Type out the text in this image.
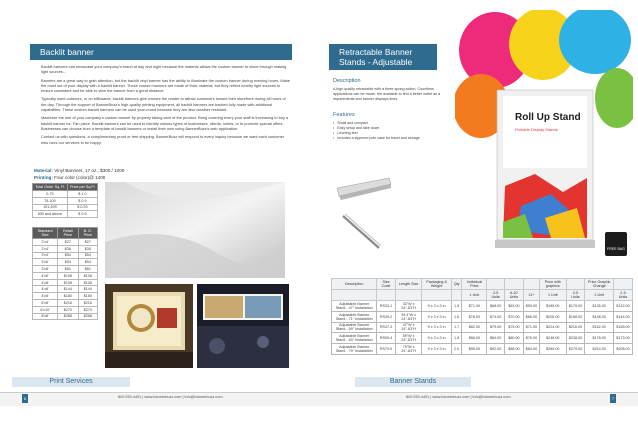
Backlit banner

Backlit banners can showcase your company's brand at day and night because the material allows the custom banner to shine through making light sources...

Banners are a great way to grab attention, but the backlit vinyl banner has the ability to illuminate the custom banner during evening hours. Make the most out of your display with a backlit banner. These custom banners are made of thick material, but they reflect nearby light sources to ensure consistent and be able to view the banner from a great distance.

Typically used outdoors, or on billboards, backlit banners give owners the reader to attract customers toward their storefront during all hours of the day. Through the support of BannerBuzz's high-quality printing equipment, all backlit banners are backed fully made with additional capabilities. These custom backlit banners can be used year-round because they are also weather resistant.

Maximize the use of your company's custom banner by properly taking care of the product. Bring covering every your staff is increasing to buy a backlit banner for. Fan piece. Backlit banners can be used to identify various types of businesses, clients, hotels, or to promote special offers. Businesses can choose from a template of backlit banners or install their own using BannerBuzz's web application.

Contact us with questions, a complimentary proof or free shipping. BannerBuzz will respond to every inquiry because we want each customer who uses our services to be happy.

Material: Vinyl Banners, 17 oz., $300 / 1000
Printing: Four color (color)@ 1400
Total Order Sq. Ft	Price per Sq.Ft
0-75	$ 1.0
76-100	$ 0.9
101-499	$ 0.25
500 and above	$ 0.5
Standard Size	Retail Price	B. G. Price
2'x4'	$27	$27
2'x4'	$36	$36
3'x4'	$54	$54
3'x6'	$54	$54
3'x8'	$81	$81
4'x6'	$108	$108
4'x8'	$108	$108
4'x8'	$144	$144
4'x8'	$180	$180
6'x8'	$216	$216
6'x10'	$270	$270
8'x8'	$288	$288
Print Services
Retractable Banner Stands - Adjustable
Description
A high quality retractable with a three spring action. Countless applications can be made, the available to find a better outlet as a requirements and banner displays lines.
Features
• Small and compact
• Easy setup and take down
• Leveling feet
• Includes a zippered pole case for travel and storage
Roll Up Stand
Portable Display Stands
FREE BAG
Description	Size Code	Length Size	Packaging & Weight	Qty	Individual Price				Price with graphics		Price Graphic Change	
					1 Unit	2-5 Units	6-10 Units	11+	1 Unit	2-5 Units	1 Unit	2-5 Units
Adjustable Banner Stand - 47" Installation	RS33-1	33"W x 24"-83"H	9 x 3 x 3 in	1.5	$71.00	$68.00	$63.00	$59.00	$185.00	$179.00	$135.00	$132.00
Adjustable Banner Stand - 71" Installation	RS39-2	39.4"W x 24"-83"H	9 x 3 x 3 in	1.6	$78.00	$74.00	$70.00	$66.00	$205.00	$198.00	$148.00	$144.00
Adjustable Banner Stand - 59" Installation	RS47-3	47"W x 24"-83"H	9 x 3 x 3 in	1.7	$82.00	$79.00	$75.00	$71.00	$224.00	$216.00	$162.00	$158.00
Adjustable Banner Stand - 63" Installation	RS59-4	59"W x 24"-83"H	9 x 3 x 3 in	1.8	$88.00	$84.00	$80.00	$76.00	$246.00	$238.00	$178.00	$173.00
Adjustable Banner Stand - 79" Installation	RS79-5	79"W x 24"-83"H	9 x 3 x 3 in	2.0	$96.00	$92.00	$88.00	$84.00	$289.00	$279.00	$214.00	$208.00
Banner Stands
6	800.930.4491 | www.bannerbuzz.com | info@bannerbuzz.com	800.930.4491 | www.bannerbuzz.com | info@bannerbuzz.com	7
